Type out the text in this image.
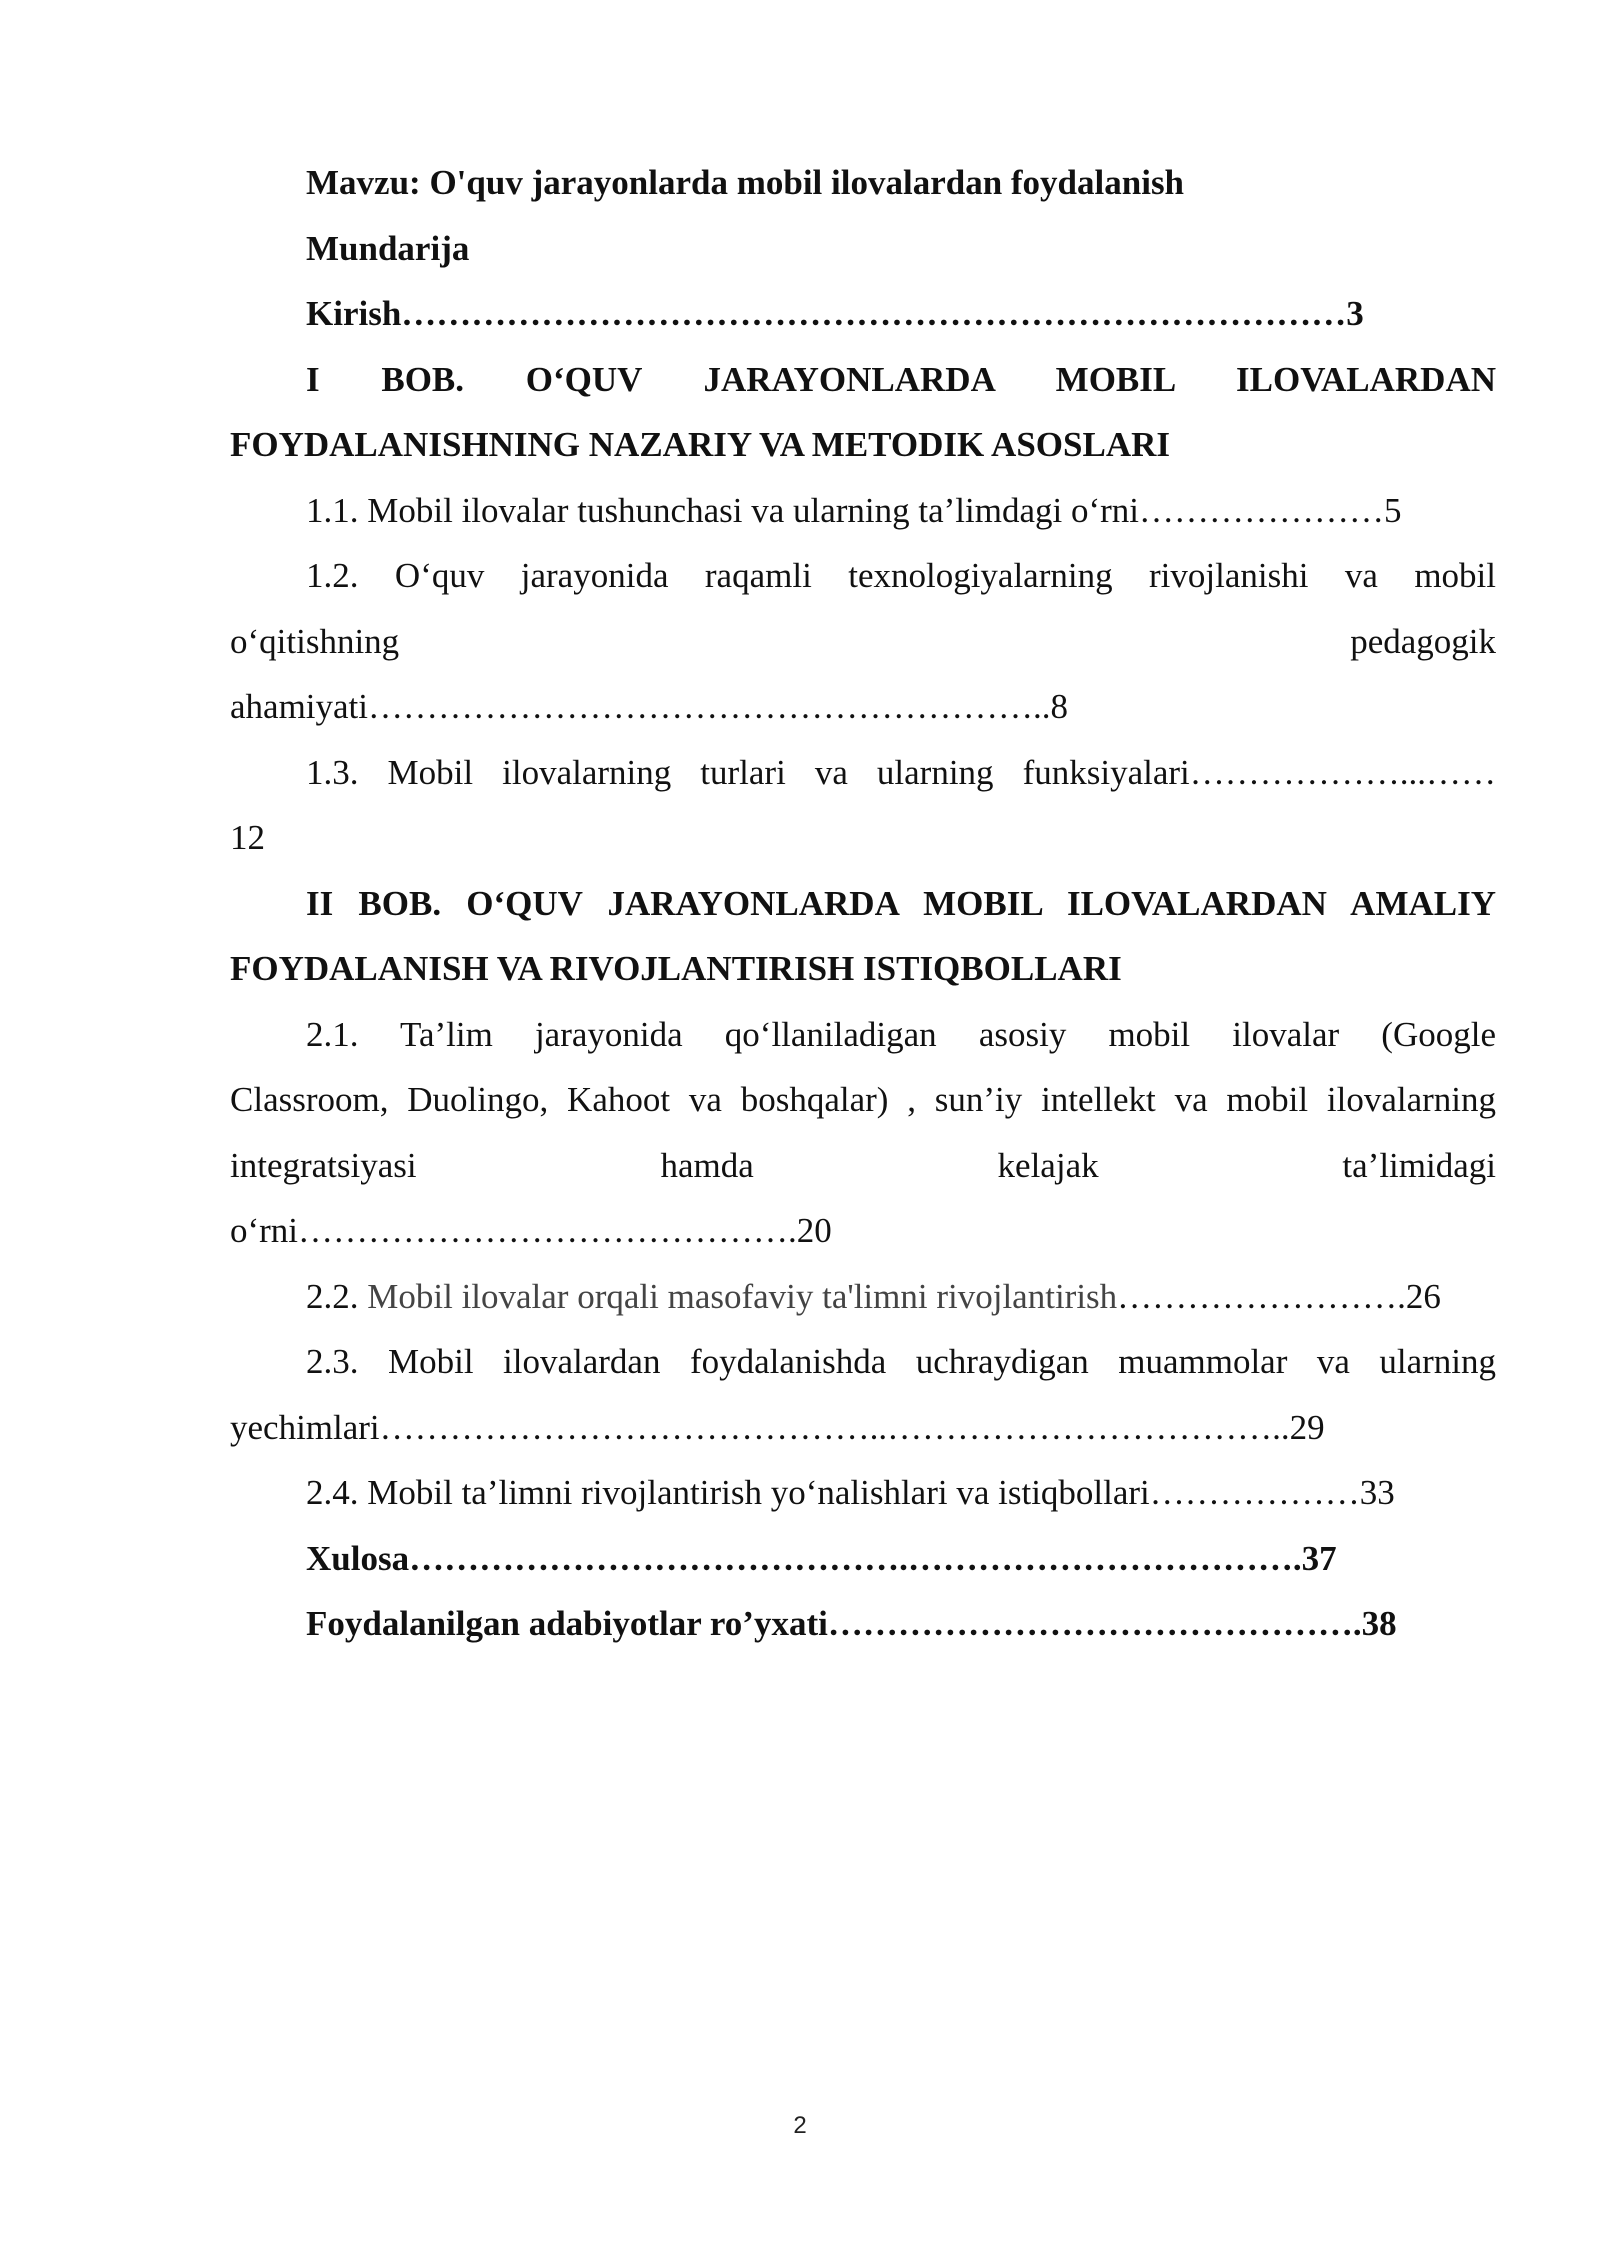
Mavzu: O'quv jarayonlarda mobil ilovalardan foydalanish
Mundarija
Kirish………………………………………………………………………3
I BOB. O‘QUV JARAYONLARDA MOBIL ILOVALARDAN
FOYDALANISHNING NAZARIY VA METODIK ASOSLARI
1.1. Mobil ilovalar tushunchasi va ularning ta’limdagi o‘rni…………………5
1.2. O‘quv jarayonida raqamli texnologiyalarning rivojlanishi va mobil
o‘qitishning pedagogik
ahamiyati…………………………………………………..8
1.3. Mobil ilovalarning turlari va ularning funksiyalari………………...……
12
II BOB. O‘QUV JARAYONLARDA MOBIL ILOVALARDAN AMALIY
FOYDALANISH VA RIVOJLANTIRISH ISTIQBOLLARI
2.1. Ta’lim jarayonida qo‘llaniladigan asosiy mobil ilovalar (Google
Classroom, Duolingo, Kahoot va boshqalar) , sun’iy intellekt va mobil ilovalarning
integratsiyasi hamda kelajak ta’limidagi
o‘rni…………………………………….20
2.2. Mobil ilovalar orqali masofaviy ta'limni rivojlantirish…………………….26
2.3. Mobil ilovalardan foydalanishda uchraydigan muammolar va ularning
yechimlari……………………………………..……………………………..29
2.4. Mobil ta’limni rivojlantirish yo‘nalishlari va istiqbollari………………33
Xulosa…………………………………….…………………………….37
Foydalanilgan adabiyotlar ro’yxati……………………………………….38
2
